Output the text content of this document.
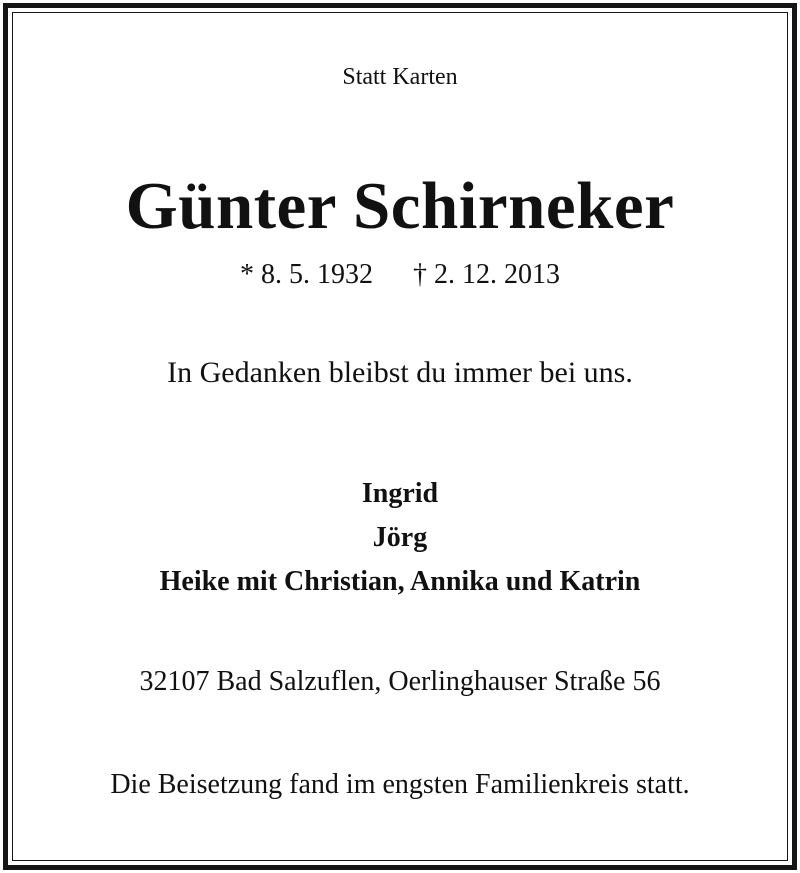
Statt Karten
Günter Schirneker
* 8. 5. 1932 † 2. 12. 2013
In Gedanken bleibst du immer bei uns.
Ingrid
Jörg
Heike mit Christian, Annika und Katrin
32107 Bad Salzuflen, Oerlinghauser Straße 56
Die Beisetzung fand im engsten Familienkreis statt.
